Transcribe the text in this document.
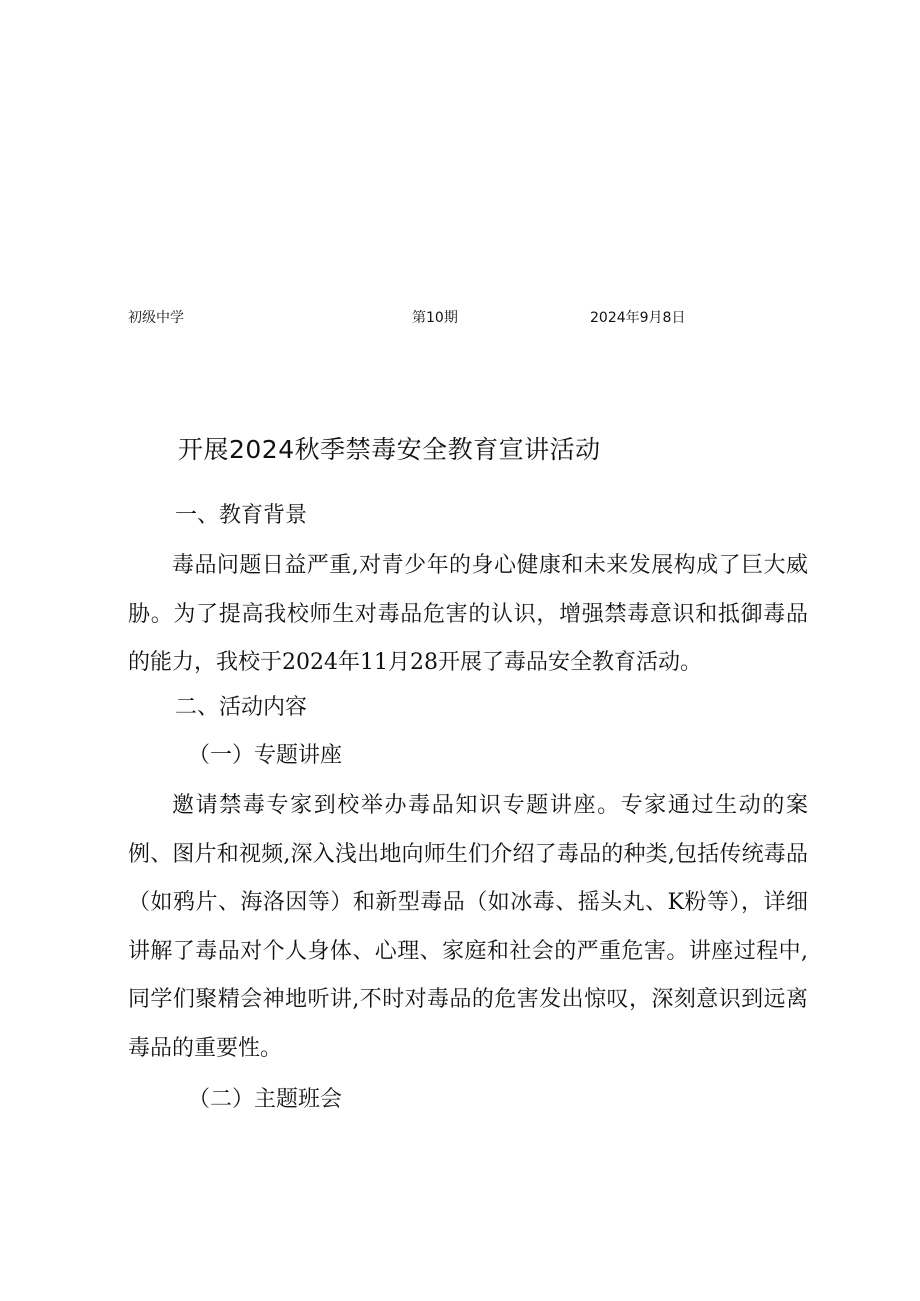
初级中学	第10期	2024年9月8日
开展2024秋季禁毒安全教育宣讲活动
一、教育背景

毒品问题日益严重,对青少年的身心健康和未来发展构成了巨大威胁。为了提高我校师生对毒品危害的认识，增强禁毒意识和抵御毒品的能力，我校于2024年11月28开展了毒品安全教育活动。

二、活动内容
（一）专题讲座

邀请禁毒专家到校举办毒品知识专题讲座。专家通过生动的案例、图片和视频,深入浅出地向师生们介绍了毒品的种类,包括传统毒品（如鸦片、海洛因等）和新型毒品（如冰毒、摇头丸、K粉等），详细讲解了毒品对个人身体、心理、家庭和社会的严重危害。讲座过程中,同学们聚精会神地听讲,不时对毒品的危害发出惊叹，深刻意识到远离毒品的重要性。

（二）主题班会
